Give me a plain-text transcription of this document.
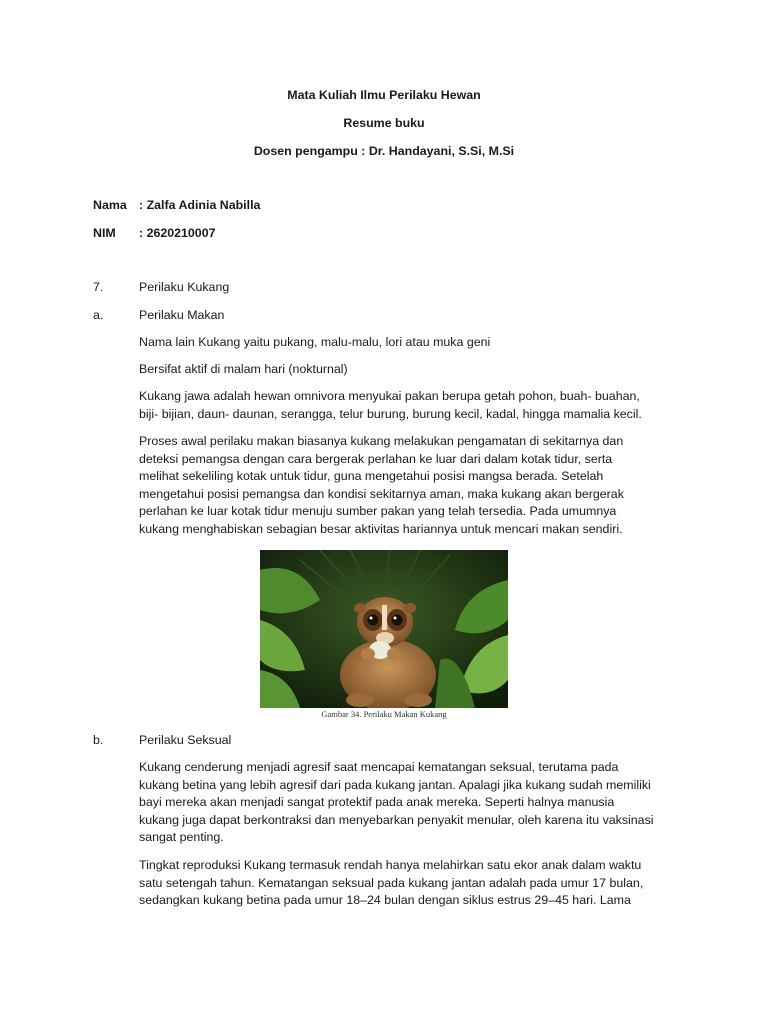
Mata Kuliah Ilmu Perilaku Hewan
Resume buku
Dosen pengampu : Dr. Handayani, S.Si, M.Si
Nama : Zalfa Adinia Nabilla
NIM : 2620210007
7.	Perilaku Kukang
a.	Perilaku Makan
Nama lain Kukang yaitu pukang, malu-malu, lori atau muka geni
Bersifat aktif di malam hari (nokturnal)
Kukang jawa adalah hewan omnivora menyukai pakan berupa getah pohon, buah- buahan,
biji- bijian, daun- daunan, serangga, telur burung, burung kecil, kadal, hingga mamalia kecil.
Proses awal perilaku makan biasanya kukang melakukan pengamatan di sekitarnya dan
deteksi pemangsa dengan cara bergerak perlahan ke luar dari dalam kotak tidur, serta
melihat sekeliling kotak untuk tidur, guna mengetahui posisi mangsa berada. Setelah
mengetahui posisi pemangsa dan kondisi sekitarnya aman, maka kukang akan bergerak
perlahan ke luar kotak tidur menuju sumber pakan yang telah tersedia. Pada umumnya
kukang menghabiskan sebagian besar aktivitas hariannya untuk mencari makan sendiri.
Gambar 34. Perilaku Makan Kukang
b.	Perilaku Seksual
Kukang cenderung menjadi agresif saat mencapai kematangan seksual, terutama pada
kukang betina yang lebih agresif dari pada kukang jantan. Apalagi jika kukang sudah memiliki
bayi mereka akan menjadi sangat protektif pada anak mereka. Seperti halnya manusia
kukang juga dapat berkontraksi dan menyebarkan penyakit menular, oleh karena itu vaksinasi
sangat penting.
Tingkat reproduksi Kukang termasuk rendah hanya melahirkan satu ekor anak dalam waktu
satu setengah tahun. Kematangan seksual pada kukang jantan adalah pada umur 17 bulan,
sedangkan kukang betina pada umur 18–24 bulan dengan siklus estrus 29–45 hari. Lama
